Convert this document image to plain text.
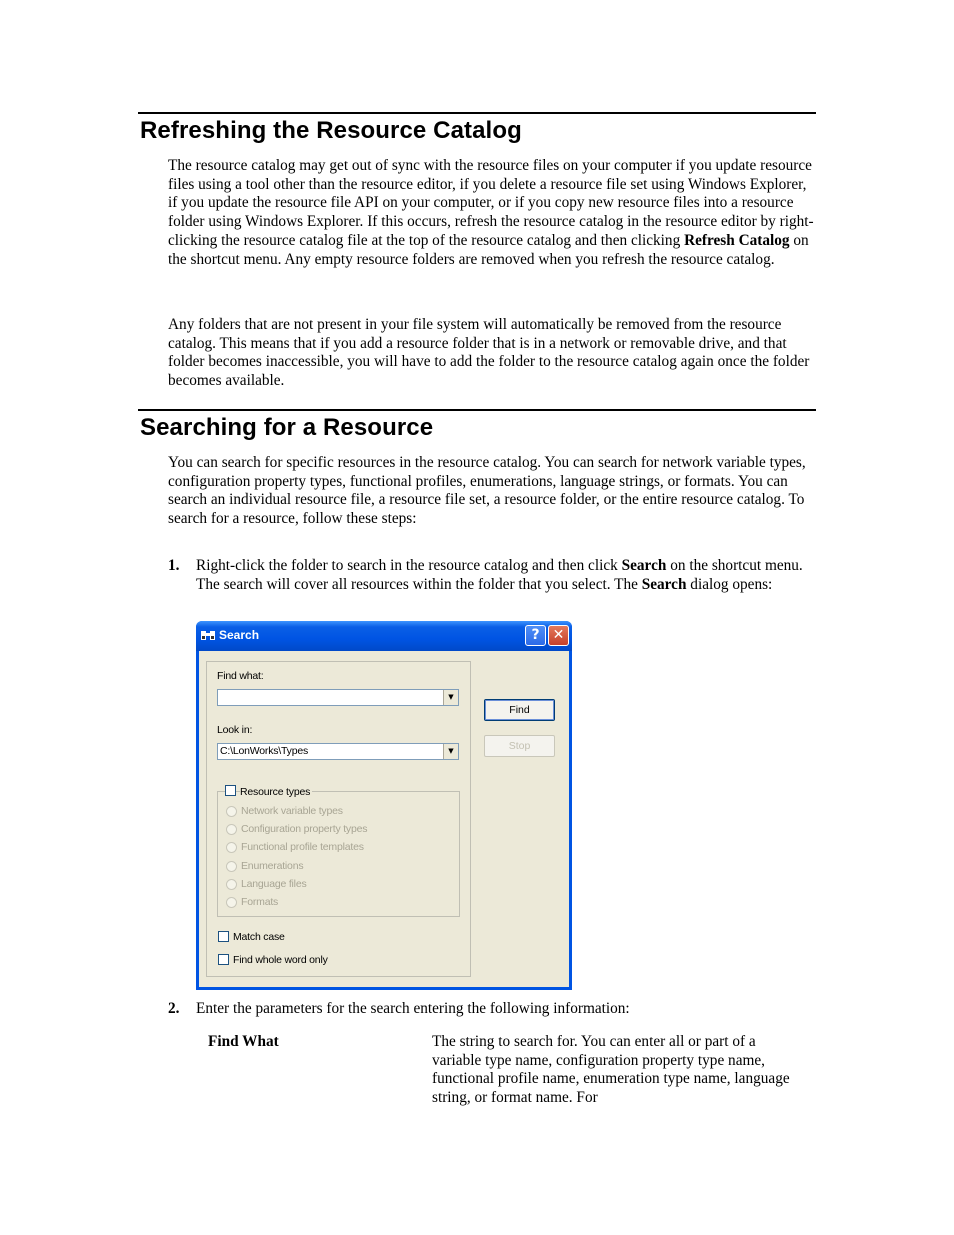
Refreshing the Resource Catalog

The resource catalog may get out of sync with the resource files on your computer if you update resource files using a tool other than the resource editor, if you delete a resource file set using Windows Explorer, if you update the resource file API on your computer, or if you copy new resource files into a resource folder using Windows Explorer. If this occurs, refresh the resource catalog in the resource editor by right-clicking the resource catalog file at the top of the resource catalog and then clicking Refresh Catalog on the shortcut menu. Any empty resource folders are removed when you refresh the resource catalog.

Any folders that are not present in your file system will automatically be removed from the resource catalog. This means that if you add a resource folder that is in a network or removable drive, and that folder becomes inaccessible, you will have to add the folder to the resource catalog again once the folder becomes available.

Searching for a Resource

You can search for specific resources in the resource catalog. You can search for network variable types, configuration property types, functional profiles, enumerations, language strings, or formats. You can search an individual resource file, a resource file set, a resource folder, or the entire resource catalog. To search for a resource, follow these steps:

1. Right-click the folder to search in the resource catalog and then click Search on the shortcut menu. The search will cover all resources within the folder that you select. The Search dialog opens:

Search	? ✕
Find what:
▼
Look in:
C:\LonWorks\Types	▼
Find
Stop
Resource types
Network variable types
Configuration property types
Functional profile templates
Enumerations
Language files
Formats
Match case
Find whole word only
2. Enter the parameters for the search entering the following information:

Find What	The string to search for. You can enter all or part of a variable type name, configuration property type name, functional profile name, enumeration type name, language string, or format name. For
